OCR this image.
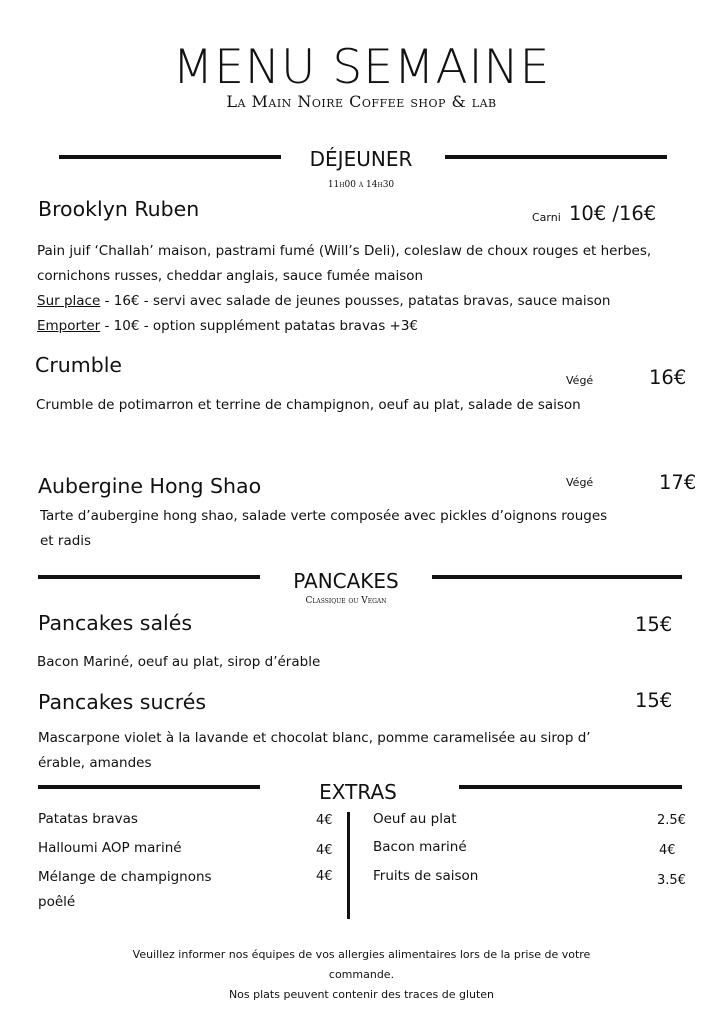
MENU SEMAINE
La Main Noire Coffee shop & lab
DÉJEUNER
11h00 à 14h30
Brooklyn Ruben	Carni 10€ /16€
Pain juif ‘Challah’ maison, pastrami fumé (Will’s Deli), coleslaw de choux rouges et herbes,
cornichons russes, cheddar anglais, sauce fumée maison
Sur place - 16€ - servi avec salade de jeunes pousses, patatas bravas, sauce maison
Emporter - 10€ - option supplément patatas bravas +3€
Crumble
Végé	16€
Crumble de potimarron et terrine de champignon, oeuf au plat, salade de saison
Aubergine Hong Shao	Végé	17€
Tarte d’aubergine hong shao, salade verte composée avec pickles d’oignons rouges
et radis
PANCAKES
Classique ou Vegan
Pancakes salés	15€
Bacon Mariné, oeuf au plat, sirop d’érable
Pancakes sucrés	15€
Mascarpone violet à la lavande et chocolat blanc, pomme caramelisée au sirop d’
érable, amandes
EXTRAS
Patatas bravas	4€
Halloumi AOP mariné	4€
Mélange de champignons
poêlé
4€
Oeuf au plat	2.5€
Bacon mariné	4€
Fruits de saison	3.5€
Veuillez informer nos équipes de vos allergies alimentaires lors de la prise de votre
commande.
Nos plats peuvent contenir des traces de gluten
